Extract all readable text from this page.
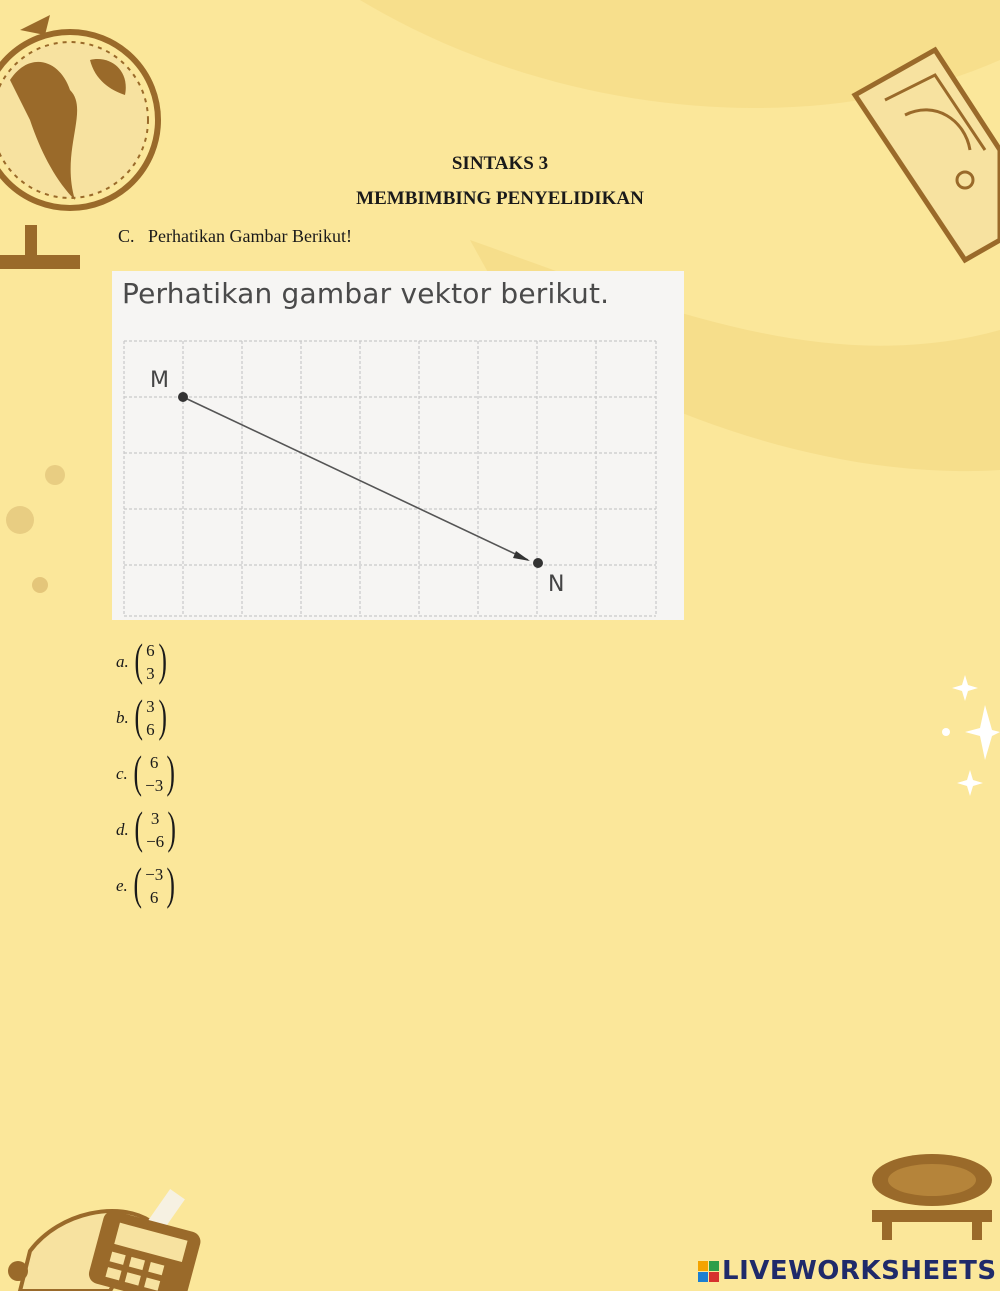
SINTAKS 3
MEMBIMBING PENYELIDIKAN
C. Perhatikan Gambar Berikut!
Perhatikan gambar vektor berikut.
M
N
a. ( 6
3 )
b. ( 3
6 )
c. ( 6
−3 )
d. ( 3
−6 )
e. ( −3
6 )
LIVEWORKSHEETS
